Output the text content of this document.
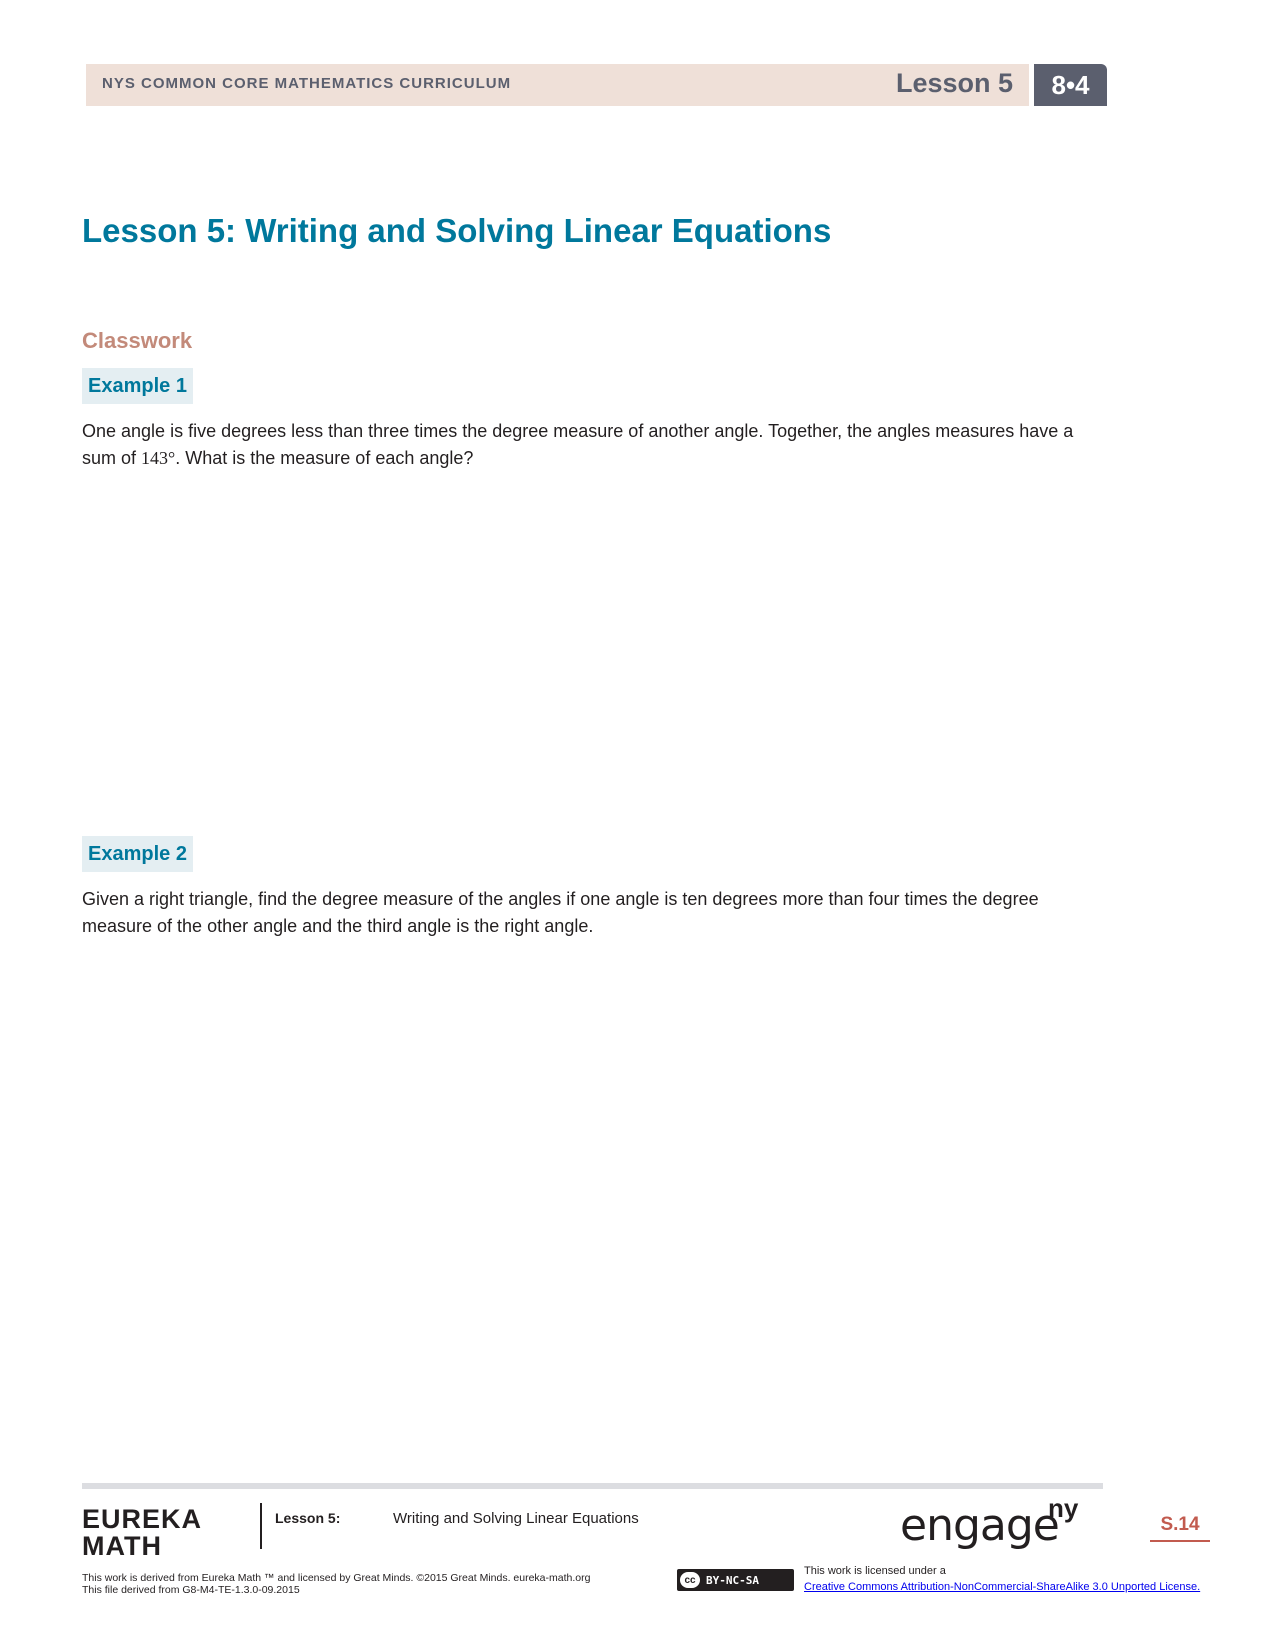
NYS COMMON CORE MATHEMATICS CURRICULUM	Lesson 5	8•4
Lesson 5: Writing and Solving Linear Equations
Classwork
Example 1
One angle is five degrees less than three times the degree measure of another angle. Together, the angles measures have a sum of 143°. What is the measure of each angle?
Example 2
Given a right triangle, find the degree measure of the angles if one angle is ten degrees more than four times the degree measure of the other angle and the third angle is the right angle.
EUREKA
MATH
Lesson 5:	Writing and Solving Linear Equations	engage
ny
S.14
This work is derived from Eureka Math ™ and licensed by Great Minds. ©2015 Great Minds. eureka-math.org
This file derived from G8-M4-TE-1.3.0-09.2015
cc BY-NC-SA
This work is licensed under a
Creative Commons Attribution-NonCommercial-ShareAlike 3.0 Unported License.
